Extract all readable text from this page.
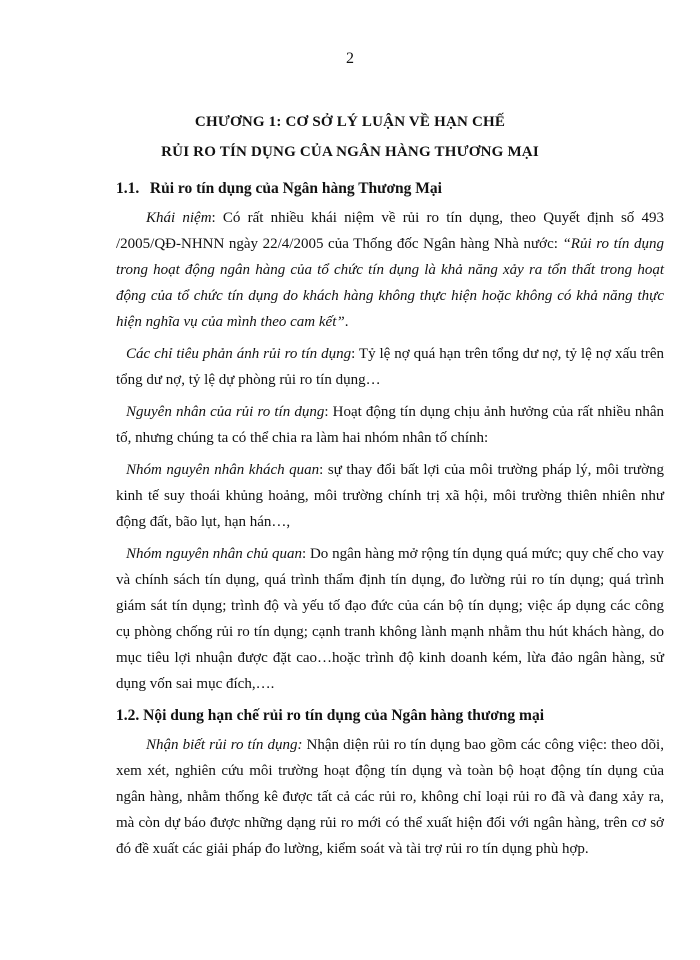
2
CHƯƠNG 1: CƠ SỞ LÝ LUẬN VỀ HẠN CHẾ
RỦI RO TÍN DỤNG CỦA NGÂN HÀNG THƯƠNG MẠI
1.1. Rủi ro tín dụng của Ngân hàng Thương Mại

Khái niệm: Có rất nhiều khái niệm về rủi ro tín dụng, theo Quyết định số 493 /2005/QĐ-NHNN ngày 22/4/2005 của Thống đốc Ngân hàng Nhà nước: “Rủi ro tín dụng trong hoạt động ngân hàng của tổ chức tín dụng là khả năng xảy ra tổn thất trong hoạt động của tổ chức tín dụng do khách hàng không thực hiện hoặc không có khả năng thực hiện nghĩa vụ của mình theo cam kết”.

Các chỉ tiêu phản ánh rủi ro tín dụng: Tỷ lệ nợ quá hạn trên tổng dư nợ, tỷ lệ nợ xấu trên tổng dư nợ, tỷ lệ dự phòng rủi ro tín dụng…

Nguyên nhân của rủi ro tín dụng: Hoạt động tín dụng chịu ảnh hưởng của rất nhiều nhân tố, nhưng chúng ta có thể chia ra làm hai nhóm nhân tố chính:

Nhóm nguyên nhân khách quan: sự thay đổi bất lợi của môi trường pháp lý, môi trường kinh tế suy thoái khủng hoảng, môi trường chính trị xã hội, môi trường thiên nhiên như động đất, bão lụt, hạn hán…,

Nhóm nguyên nhân chủ quan: Do ngân hàng mở rộng tín dụng quá mức; quy chế cho vay và chính sách tín dụng, quá trình thẩm định tín dụng, đo lường rủi ro tín dụng; quá trình giám sát tín dụng; trình độ và yếu tố đạo đức của cán bộ tín dụng; việc áp dụng các công cụ phòng chống rủi ro tín dụng; cạnh tranh không lành mạnh nhằm thu hút khách hàng, do mục tiêu lợi nhuận được đặt cao…hoặc trình độ kinh doanh kém, lừa đảo ngân hàng, sử dụng vốn sai mục đích,….

1.2. Nội dung hạn chế rủi ro tín dụng của Ngân hàng thương mại

Nhận biết rủi ro tín dụng: Nhận diện rủi ro tín dụng bao gồm các công việc: theo dõi, xem xét, nghiên cứu môi trường hoạt động tín dụng và toàn bộ hoạt động tín dụng của ngân hàng, nhằm thống kê được tất cả các rủi ro, không chỉ loại rủi ro đã và đang xảy ra, mà còn dự báo được những dạng rủi ro mới có thể xuất hiện đối với ngân hàng, trên cơ sở đó đề xuất các giải pháp đo lường, kiểm soát và tài trợ rủi ro tín dụng phù hợp.
